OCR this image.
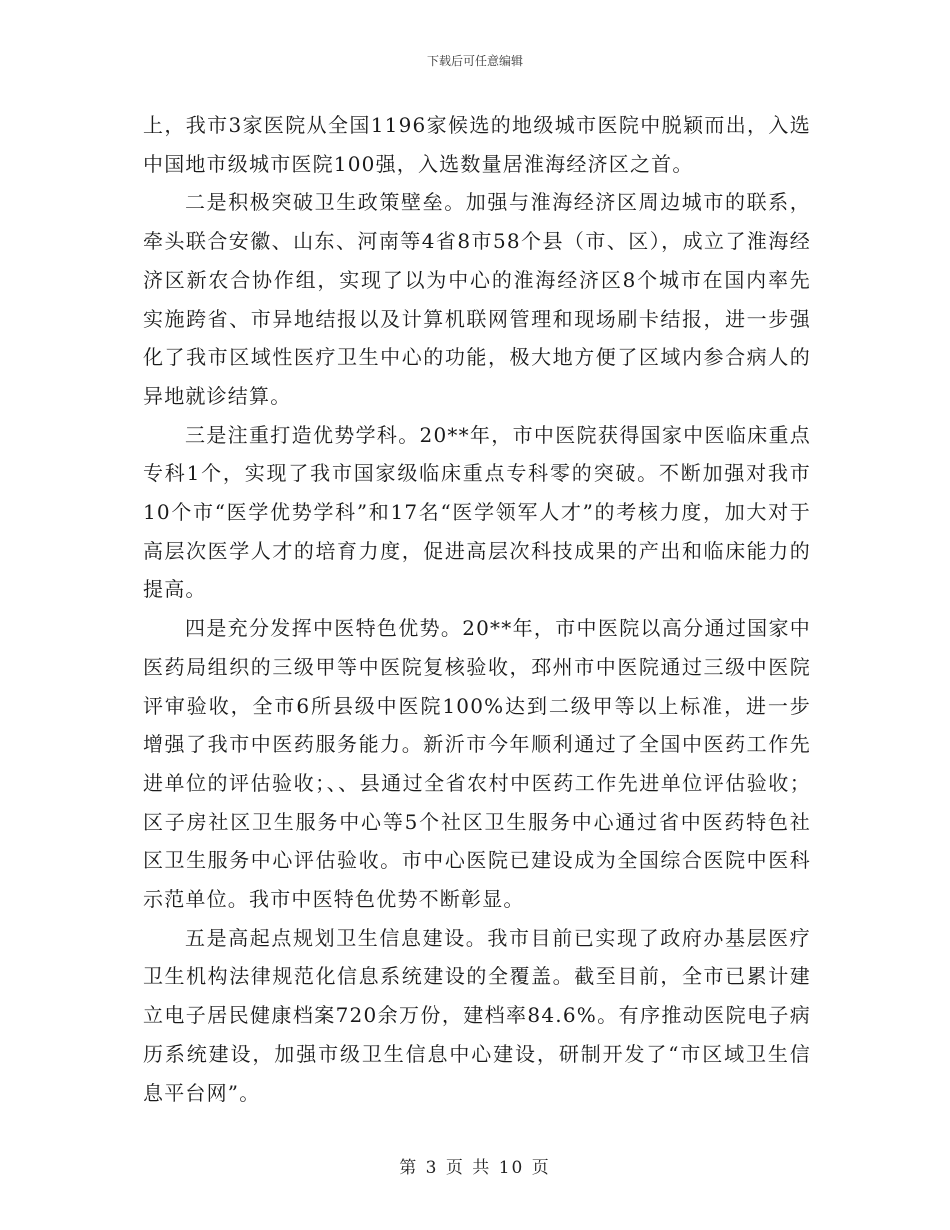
下载后可任意编辑

上，我市3家医院从全国1196家候选的地级城市医院中脱颖而出，入选中国地市级城市医院100强，入选数量居淮海经济区之首。

二是积极突破卫生政策壁垒。加强与淮海经济区周边城市的联系，牵头联合安徽、山东、河南等4省8市58个县（市、区），成立了淮海经济区新农合协作组，实现了以为中心的淮海经济区8个城市在国内率先实施跨省、市异地结报以及计算机联网管理和现场刷卡结报，进一步强化了我市区域性医疗卫生中心的功能，极大地方便了区域内参合病人的异地就诊结算。

三是注重打造优势学科。20**年，市中医院获得国家中医临床重点专科1个，实现了我市国家级临床重点专科零的突破。不断加强对我市10个市“医学优势学科”和17名“医学领军人才”的考核力度，加大对于高层次医学人才的培育力度，促进高层次科技成果的产出和临床能力的提高。

四是充分发挥中医特色优势。20**年，市中医院以高分通过国家中医药局组织的三级甲等中医院复核验收，邳州市中医院通过三级中医院评审验收，全市6所县级中医院100%达到二级甲等以上标准，进一步增强了我市中医药服务能力。新沂市今年顺利通过了全国中医药工作先进单位的评估验收；、、县通过全省农村中医药工作先进单位评估验收；区子房社区卫生服务中心等5个社区卫生服务中心通过省中医药特色社区卫生服务中心评估验收。市中心医院已建设成为全国综合医院中医科示范单位。我市中医特色优势不断彰显。

五是高起点规划卫生信息建设。我市目前已实现了政府办基层医疗卫生机构法律规范化信息系统建设的全覆盖。截至目前，全市已累计建立电子居民健康档案720余万份，建档率84.6%。有序推动医院电子病历系统建设，加强市级卫生信息中心建设，研制开发了“市区域卫生信息平台网”。

第 3 页 共 10 页
